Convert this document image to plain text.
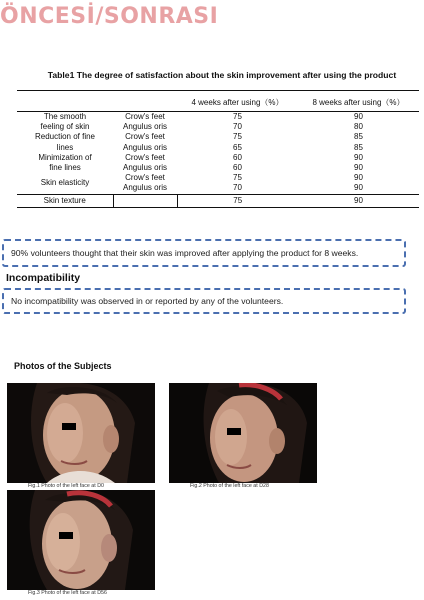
ÖNCESİ/SONRASI
Table1 The degree of satisfaction about the skin improvement after using the product
		4 weeks after using（%）	8 weeks after using（%）
The smooth
feeling of skin	Crow's feet	75	90
	Angulus oris	70	80
Reduction of fine
lines	Crow's feet	75	85
	Angulus oris	65	85
Minimization of
fine lines	Crow's feet	60	90
	Angulus oris	60	90
Skin elasticity	Crow's feet	75	90
	Angulus oris	70	90
Skin texture		75	90
90% volunteers thought that their skin was improved after applying the product for 8 weeks.
Incompatibility
No incompatibility was observed in or reported by any of the volunteers.
Photos of the Subjects
Fig.1 Photo of the left face at D0	Fig.2 Photo of the left face at D28
Fig.3 Photo of the left face at D56
